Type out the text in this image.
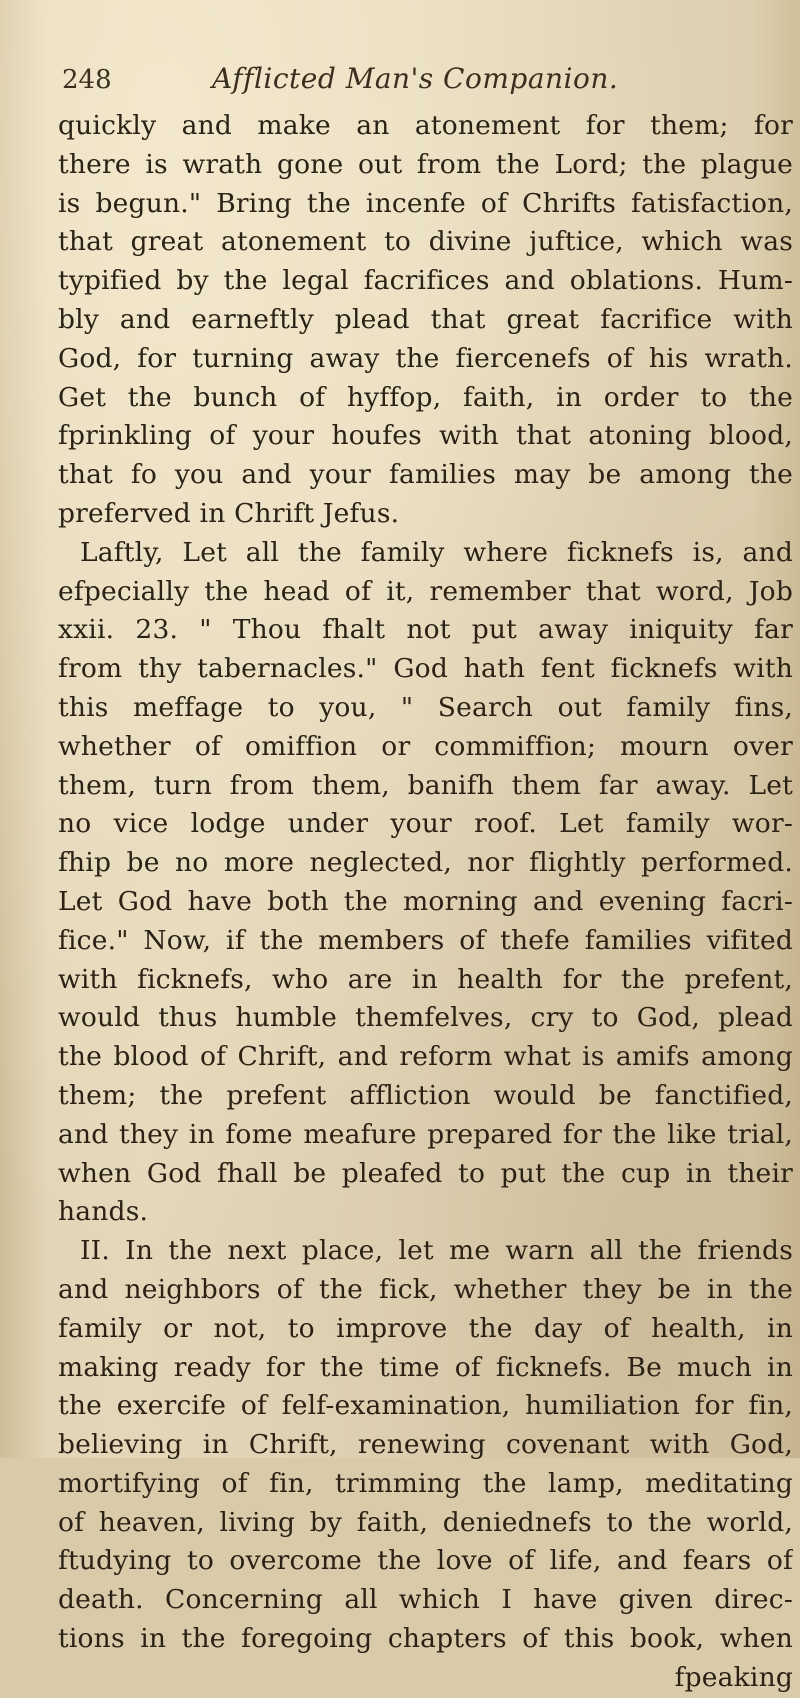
248	Afflicted Man's Companion.
quickly and make an atonement for them; for
there is wrath gone out from the Lord; the plague
is begun." Bring the incenfe of Chrifts fatisfaction,
that great atonement to divine juftice, which was
typified by the legal facrifices and oblations. Hum-
bly and earneftly plead that great facrifice with
God, for turning away the fiercenefs of his wrath.
Get the bunch of hyffop, faith, in order to the
fprinkling of your houfes with that atoning blood,
that fo you and your families may be among the
preferved in Chrift Jefus.
Laftly, Let all the family where ficknefs is, and
efpecially the head of it, remember that word, Job
xxii. 23. " Thou fhalt not put away iniquity far
from thy tabernacles." God hath fent ficknefs with
this meffage to you, " Search out family fins,
whether of omiffion or commiffion; mourn over
them, turn from them, banifh them far away. Let
no vice lodge under your roof. Let family wor-
fhip be no more neglected, nor flightly performed.
Let God have both the morning and evening facri-
fice." Now, if the members of thefe families vifited
with ficknefs, who are in health for the prefent,
would thus humble themfelves, cry to God, plead
the blood of Chrift, and reform what is amifs among
them; the prefent affliction would be fanctified,
and they in fome meafure prepared for the like trial,
when God fhall be pleafed to put the cup in their
hands.
II. In the next place, let me warn all the friends
and neighbors of the fick, whether they be in the
family or not, to improve the day of health, in
making ready for the time of ficknefs. Be much in
the exercife of felf-examination, humiliation for fin,
believing in Chrift, renewing covenant with God,
mortifying of fin, trimming the lamp, meditating
of heaven, living by faith, deniednefs to the world,
ftudying to overcome the love of life, and fears of
death. Concerning all which I have given direc-
tions in the foregoing chapters of this book, when
fpeaking
